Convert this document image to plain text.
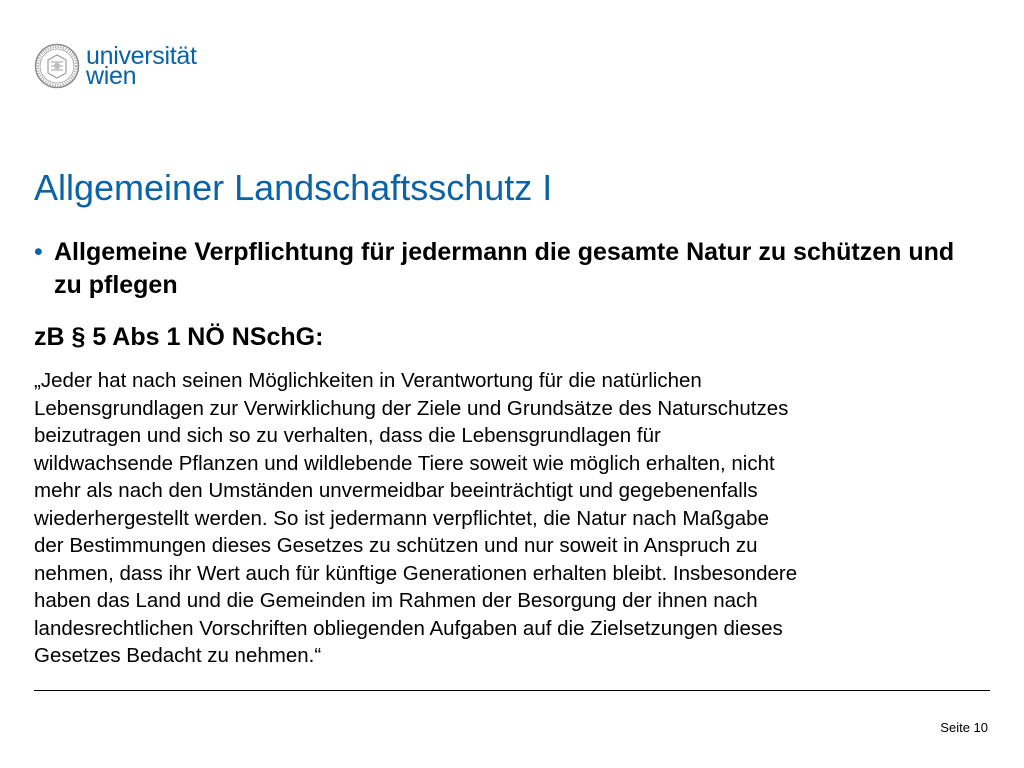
universität
wien
Allgemeiner Landschaftsschutz I
• Allgemeine Verpflichtung für jedermann die gesamte Natur zu schützen und zu pflegen
zB § 5 Abs 1 NÖ NSchG:
„Jeder hat nach seinen Möglichkeiten in Verantwortung für die natürlichen
Lebensgrundlagen zur Verwirklichung der Ziele und Grundsätze des Naturschutzes
beizutragen und sich so zu verhalten, dass die Lebensgrundlagen für
wildwachsende Pflanzen und wildlebende Tiere soweit wie möglich erhalten, nicht
mehr als nach den Umständen unvermeidbar beeinträchtigt und gegebenenfalls
wiederhergestellt werden. So ist jedermann verpflichtet, die Natur nach Maßgabe
der Bestimmungen dieses Gesetzes zu schützen und nur soweit in Anspruch zu
nehmen, dass ihr Wert auch für künftige Generationen erhalten bleibt. Insbesondere
haben das Land und die Gemeinden im Rahmen der Besorgung der ihnen nach
landesrechtlichen Vorschriften obliegenden Aufgaben auf die Zielsetzungen dieses
Gesetzes Bedacht zu nehmen.“
Seite 10
